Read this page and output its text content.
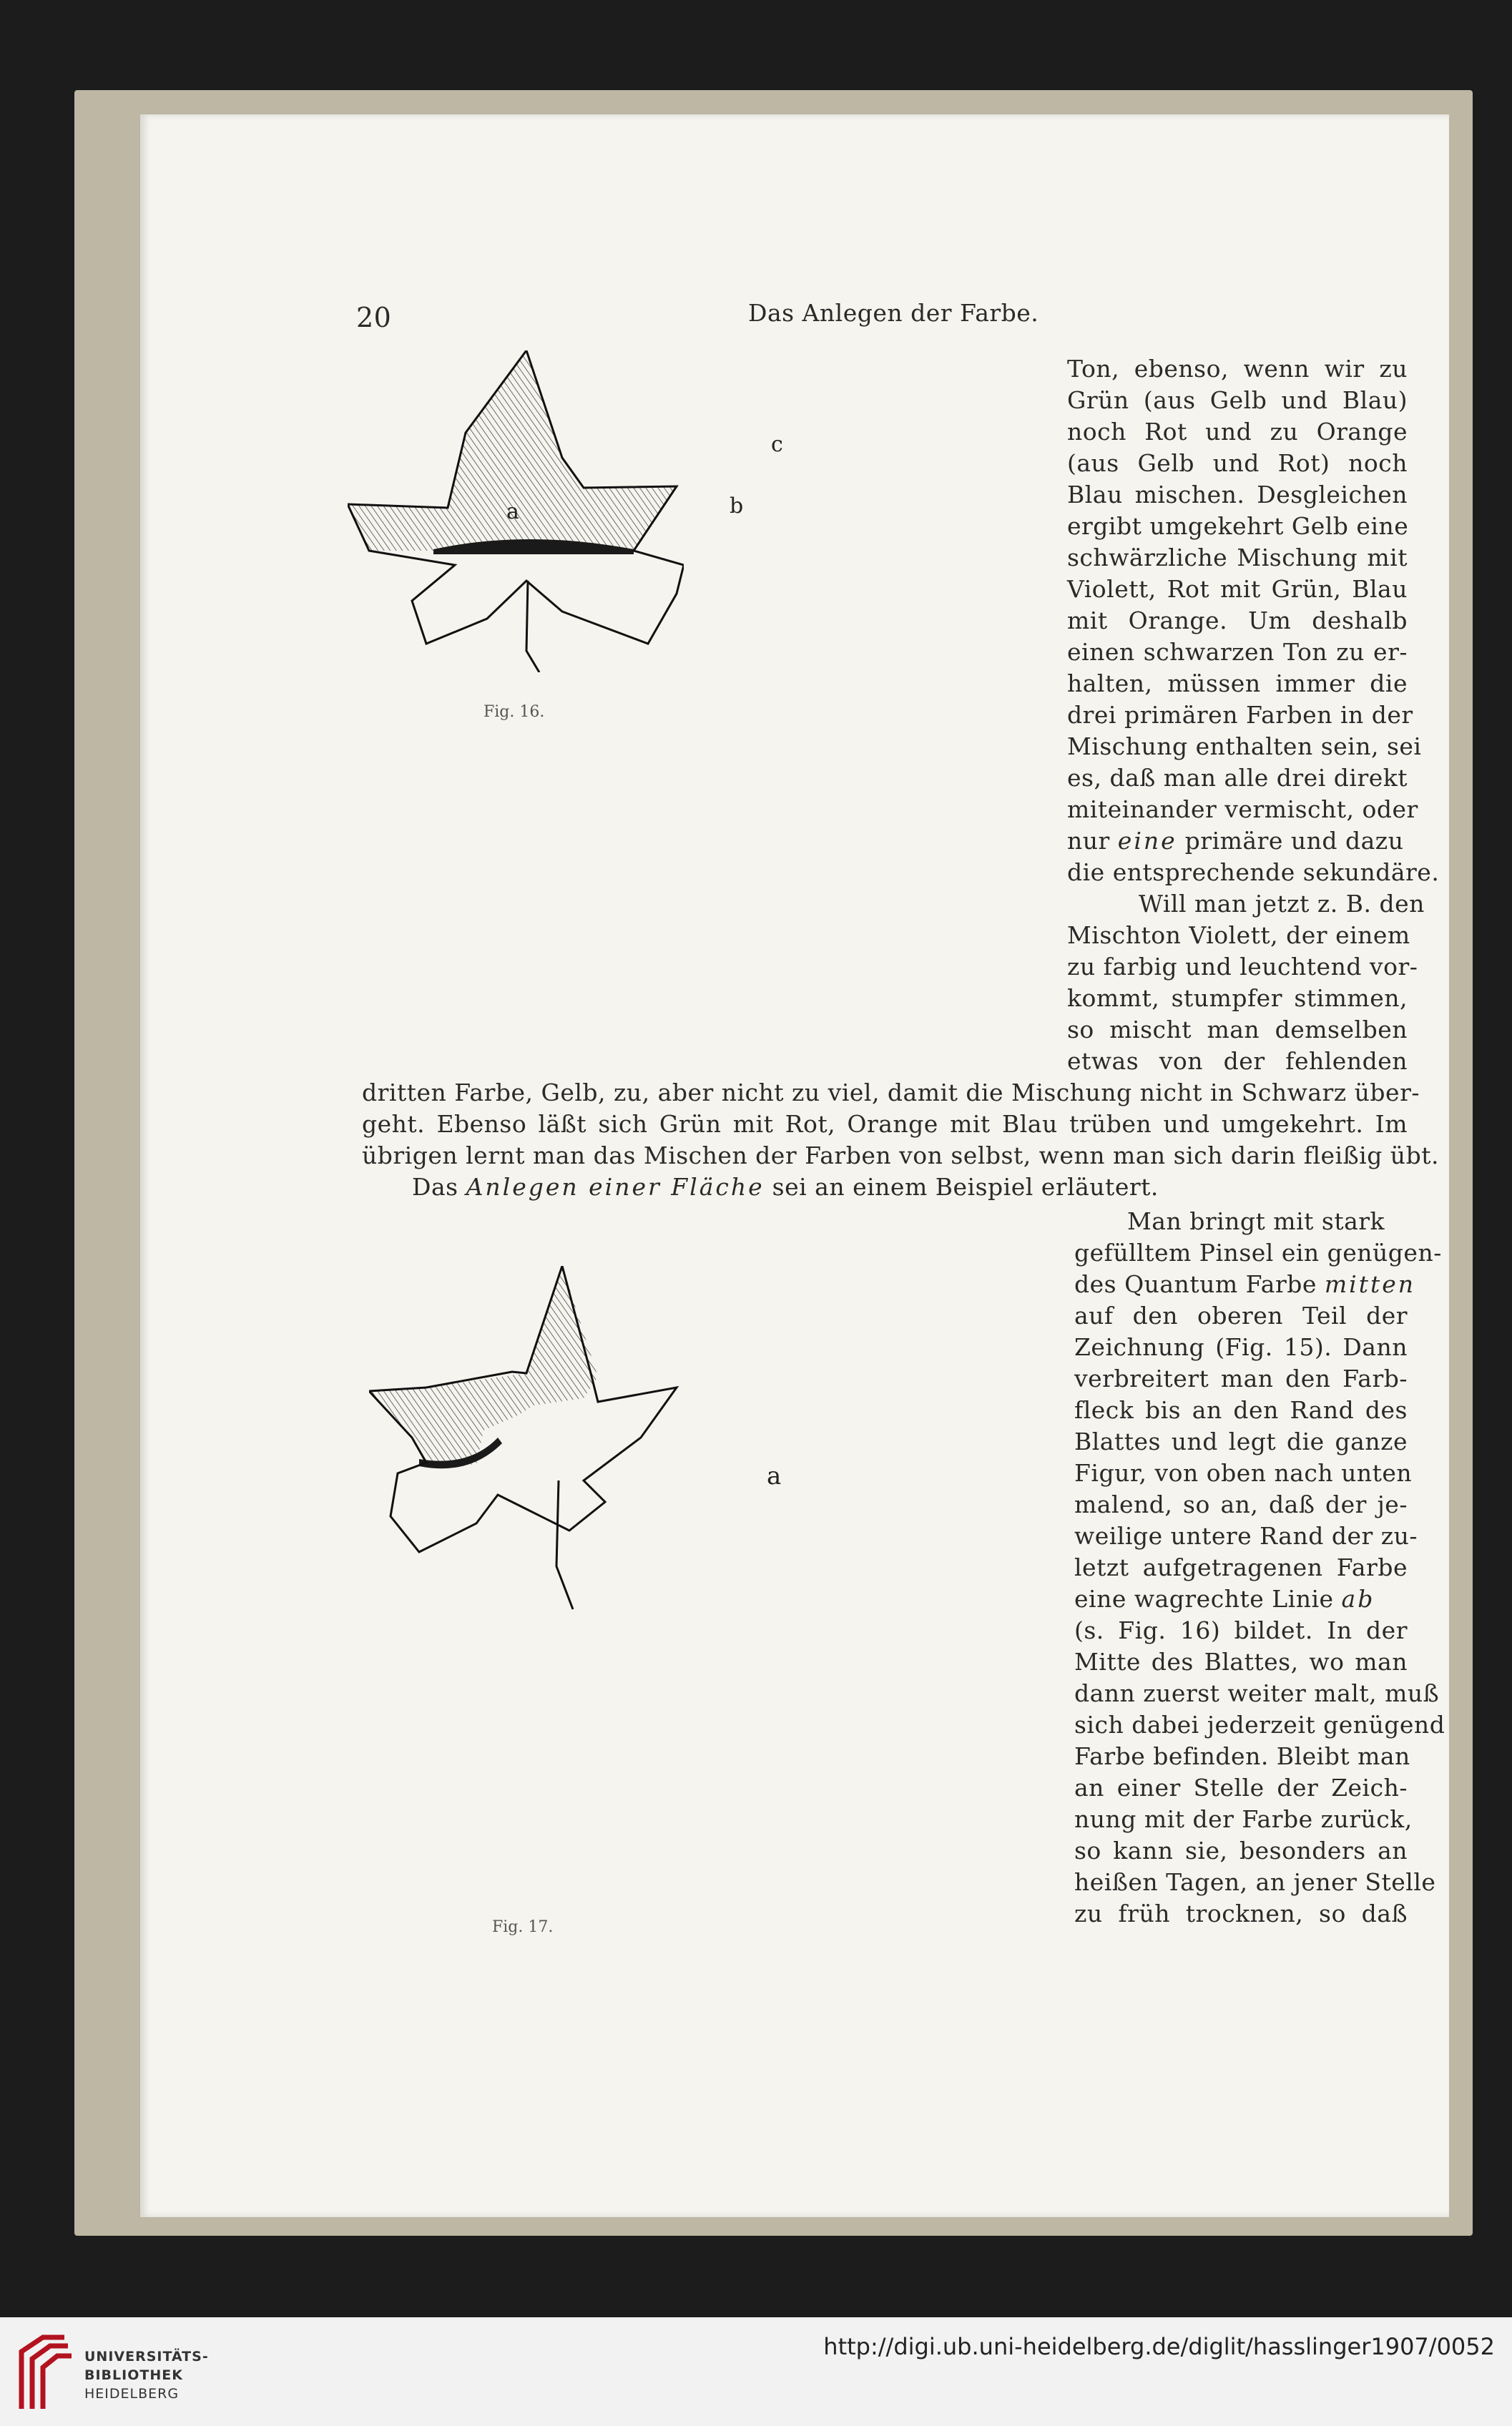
20	Das Anlegen der Farbe.
a	b
c
Fig. 16.
Ton, ebenso, wenn wir zu
Grün (aus Gelb und Blau)
noch Rot und zu Orange
(aus Gelb und Rot) noch
Blau mischen. Desgleichen
ergibt umgekehrt Gelb eine
schwärzliche Mischung mit
Violett, Rot mit Grün, Blau
mit Orange. Um deshalb
einen schwarzen Ton zu er-
halten, müssen immer die
drei primären Farben in der
Mischung enthalten sein, sei
es, daß man alle drei direkt
miteinander vermischt, oder
nur eine primäre und dazu
die entsprechende sekundäre.
Will man jetzt z. B. den
Mischton Violett, der einem
zu farbig und leuchtend vor-
kommt, stumpfer stimmen,
so mischt man demselben
etwas von der fehlenden
dritten Farbe, Gelb, zu, aber nicht zu viel, damit die Mischung nicht in Schwarz über-
geht. Ebenso läßt sich Grün mit Rot, Orange mit Blau trüben und umgekehrt. Im
übrigen lernt man das Mischen der Farben von selbst, wenn man sich darin fleißig übt.
Das Anlegen einer Fläche sei an einem Beispiel erläutert.
a
Fig. 17.
Man bringt mit stark
gefülltem Pinsel ein genügen-
des Quantum Farbe mitten
auf den oberen Teil der
Zeichnung (Fig. 15). Dann
verbreitert man den Farb-
fleck bis an den Rand des
Blattes und legt die ganze
Figur, von oben nach unten
malend, so an, daß der je-
weilige untere Rand der zu-
letzt aufgetragenen Farbe
eine wagrechte Linie ab
(s. Fig. 16) bildet. In der
Mitte des Blattes, wo man
dann zuerst weiter malt, muß
sich dabei jederzeit genügend
Farbe befinden. Bleibt man
an einer Stelle der Zeich-
nung mit der Farbe zurück,
so kann sie, besonders an
heißen Tagen, an jener Stelle
zu früh trocknen, so daß
UNIVERSITÄTS-
BIBLIOTHEK
HEIDELBERG
http://digi.ub.uni-heidelberg.de/diglit/hasslinger1907/0052
